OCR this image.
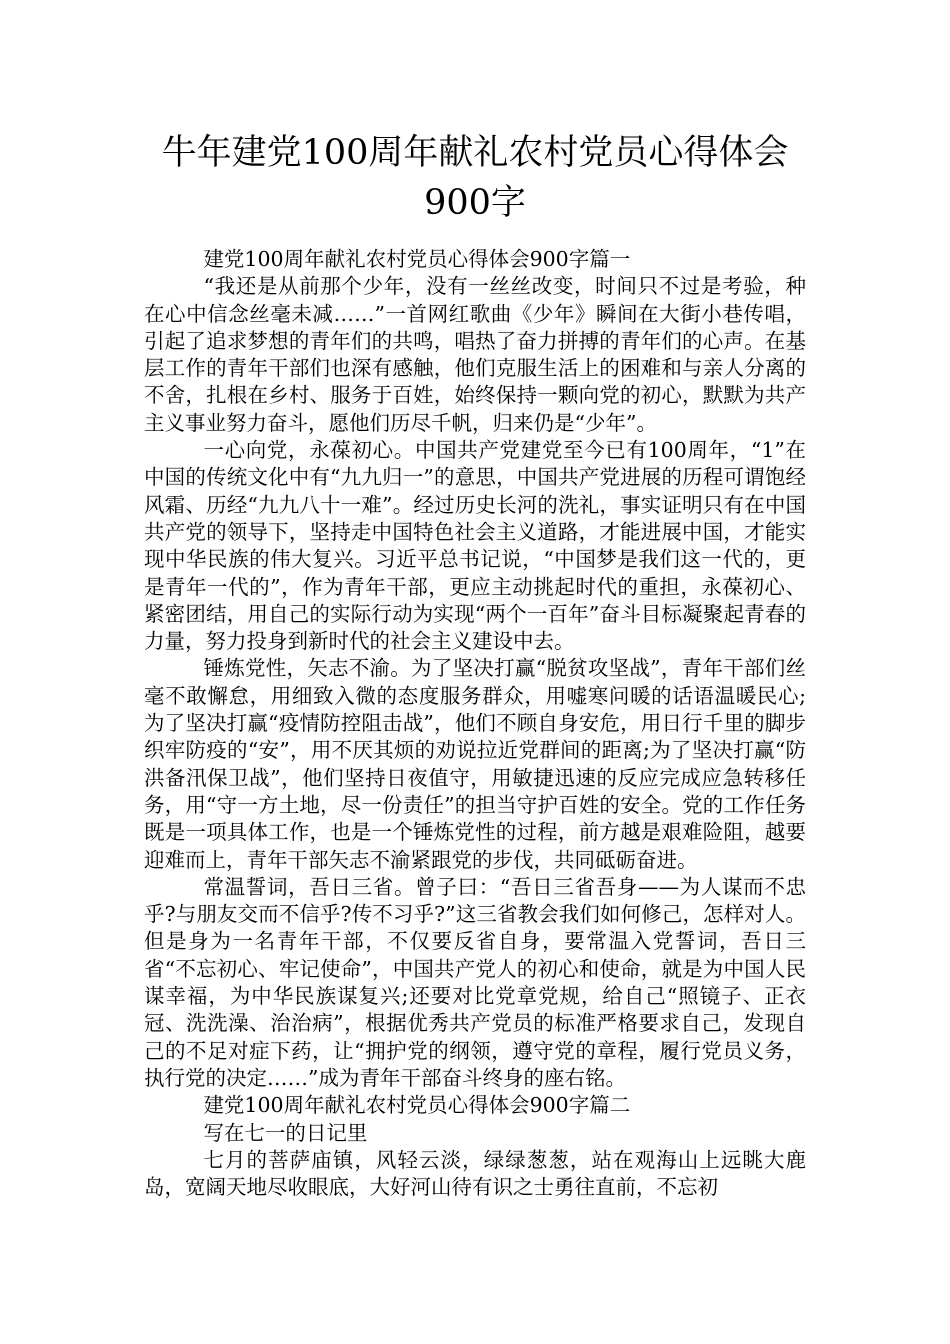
牛年建党100周年献礼农村党员心得体会
900字

建党100周年献礼农村党员心得体会900字篇一

“我还是从前那个少年，没有一丝丝改变，时间只不过是考验，种在心中信念丝毫未减……”一首网红歌曲《少年》瞬间在大街小巷传唱，引起了追求梦想的青年们的共鸣，唱热了奋力拼搏的青年们的心声。在基层工作的青年干部们也深有感触，他们克服生活上的困难和与亲人分离的不舍，扎根在乡村、服务于百姓，始终保持一颗向党的初心，默默为共产主义事业努力奋斗，愿他们历尽千帆，归来仍是“少年”。

一心向党，永葆初心。中国共产党建党至今已有100周年，“1”在中国的传统文化中有“九九归一”的意思，中国共产党进展的历程可谓饱经风霜、历经“九九八十一难”。经过历史长河的洗礼，事实证明只有在中国共产党的领导下，坚持走中国特色社会主义道路，才能进展中国，才能实现中华民族的伟大复兴。习近平总书记说，“中国梦是我们这一代的，更是青年一代的”，作为青年干部，更应主动挑起时代的重担，永葆初心、紧密团结，用自己的实际行动为实现“两个一百年”奋斗目标凝聚起青春的力量，努力投身到新时代的社会主义建设中去。

锤炼党性，矢志不渝。为了坚决打赢“脱贫攻坚战”，青年干部们丝毫不敢懈怠，用细致入微的态度服务群众，用嘘寒问暖的话语温暖民心;为了坚决打赢“疫情防控阻击战”，他们不顾自身安危，用日行千里的脚步织牢防疫的“安”，用不厌其烦的劝说拉近党群间的距离;为了坚决打赢“防洪备汛保卫战”，他们坚持日夜值守，用敏捷迅速的反应完成应急转移任务，用“守一方土地，尽一份责任”的担当守护百姓的安全。党的工作任务既是一项具体工作，也是一个锤炼党性的过程，前方越是艰难险阻，越要迎难而上，青年干部矢志不渝紧跟党的步伐，共同砥砺奋进。

常温誓词，吾日三省。曾子曰：“吾日三省吾身——为人谋而不忠乎?与朋友交而不信乎?传不习乎?”这三省教会我们如何修己，怎样对人。但是身为一名青年干部，不仅要反省自身，要常温入党誓词，吾日三省“不忘初心、牢记使命”，中国共产党人的初心和使命，就是为中国人民谋幸福，为中华民族谋复兴;还要对比党章党规，给自己“照镜子、正衣冠、洗洗澡、治治病”，根据优秀共产党员的标准严格要求自己，发现自己的不足对症下药，让“拥护党的纲领，遵守党的章程，履行党员义务，执行党的决定……”成为青年干部奋斗终身的座右铭。

建党100周年献礼农村党员心得体会900字篇二

写在七一的日记里

七月的菩萨庙镇，风轻云淡，绿绿葱葱，站在观海山上远眺大鹿岛，宽阔天地尽收眼底，大好河山待有识之士勇往直前，不忘初
